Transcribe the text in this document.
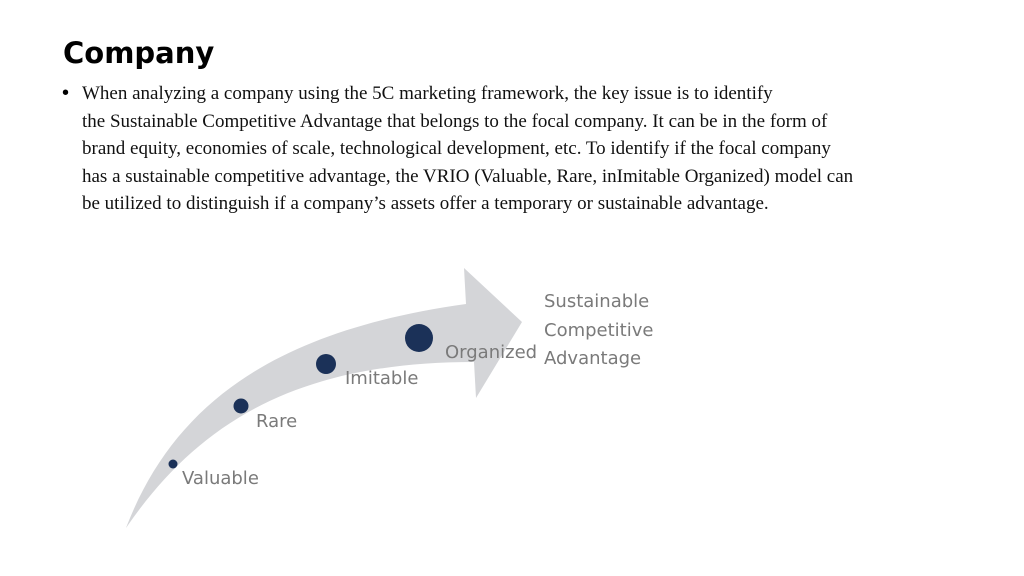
Company
• When analyzing a company using the 5C marketing framework, the key issue is to identify
the Sustainable Competitive Advantage that belongs to the focal company. It can be in the form of
brand equity, economies of scale, technological development, etc. To identify if the focal company
has a sustainable competitive advantage, the VRIO (Valuable, Rare, inImitable Organized) model can
be utilized to distinguish if a company’s assets offer a temporary or sustainable advantage.
Valuable
Rare
Imitable
Organized
Sustainable
Competitive
Advantage
